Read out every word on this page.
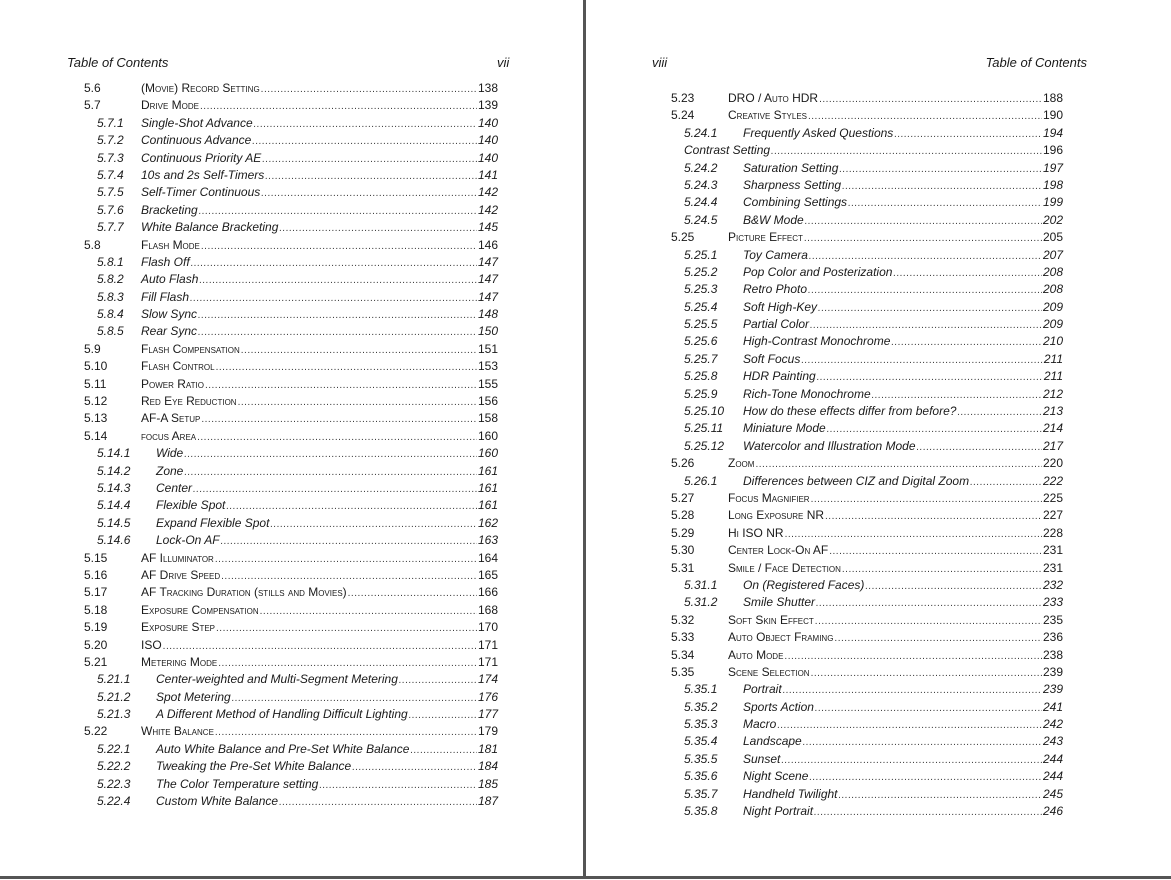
Table of Contents	vii
5.6	(Movie) Record Setting .....	138
5.7	Drive Mode .....	139
5.7.1 Single-Shot Advance .....	140
5.7.2 Continuous Advance .....	140
5.7.3 Continuous Priority AE .....	140
5.7.4 10s and 2s Self-Timers .....	141
5.7.5 Self-Timer Continuous .....	142
5.7.6 Bracketing .....	142
5.7.7 White Balance Bracketing .....	145
5.8	Flash Mode .....	146
5.8.1 Flash Off .....	147
5.8.2 Auto Flash .....	147
5.8.3 Fill Flash .....	147
5.8.4 Slow Sync .....	148
5.8.5 Rear Sync .....	150
5.9	Flash Compensation .....	151
5.10	Flash Control .....	153
5.11	Power Ratio .....	155
5.12	Red Eye Reduction .....	156
5.13	AF-A Setup .....	158
5.14	focus Area .....	160
5.14.1 Wide .....	160
5.14.2 Zone .....	161
5.14.3 Center .....	161
5.14.4 Flexible Spot .....	161
5.14.5 Expand Flexible Spot .....	162
5.14.6 Lock-On AF .....	163
5.15	AF Illuminator .....	164
5.16	AF Drive Speed .....	165
5.17	AF Tracking Duration (stills and Movies) .....	166
5.18	Exposure Compensation .....	168
5.19	Exposure Step .....	170
5.20	ISO .....	171
5.21	Metering Mode .....	171
5.21.1 Center-weighted and Multi-Segment Metering .....	174
5.21.2 Spot Metering .....	176
5.21.3 A Different Method of Handling Difficult Lighting .....	177
5.22	White Balance .....	179
5.22.1 Auto White Balance and Pre-Set White Balance .....	181
5.22.2 Tweaking the Pre-Set White Balance .....	184
5.22.3 The Color Temperature setting .....	185
5.22.4 Custom White Balance .....	187
viii	Table of Contents
5.23	DRO / Auto HDR .....	188
5.24	Creative Styles .....	190
5.24.1 Frequently Asked Questions .....	194
Contrast Setting .....	196
5.24.2 Saturation Setting .....	197
5.24.3 Sharpness Setting .....	198
5.24.4 Combining Settings .....	199
5.24.5 B&W Mode .....	202
5.25	Picture Effect .....	205
5.25.1 Toy Camera .....	207
5.25.2 Pop Color and Posterization .....	208
5.25.3 Retro Photo .....	208
5.25.4 Soft High-Key .....	209
5.25.5 Partial Color .....	209
5.25.6 High-Contrast Monochrome .....	210
5.25.7 Soft Focus .....	211
5.25.8 HDR Painting .....	211
5.25.9 Rich-Tone Monochrome .....	212
5.25.10 How do these effects differ from before? .....	213
5.25.11 Miniature Mode .....	214
5.25.12 Watercolor and Illustration Mode .....	217
5.26	Zoom .....	220
5.26.1 Differences between CIZ and Digital Zoom .....	222
5.27	Focus Magnifier .....	225
5.28	Long Exposure NR .....	227
5.29	Hi ISO NR .....	228
5.30	Center Lock-On AF .....	231
5.31	Smile / Face Detection .....	231
5.31.1 On (Registered Faces) .....	232
5.31.2 Smile Shutter .....	233
5.32	Soft Skin Effect .....	235
5.33	Auto Object Framing .....	236
5.34	Auto Mode .....	238
5.35	Scene Selection .....	239
5.35.1 Portrait .....	239
5.35.2 Sports Action .....	241
5.35.3 Macro .....	242
5.35.4 Landscape .....	243
5.35.5 Sunset .....	244
5.35.6 Night Scene .....	244
5.35.7 Handheld Twilight .....	245
5.35.8 Night Portrait .....	246
